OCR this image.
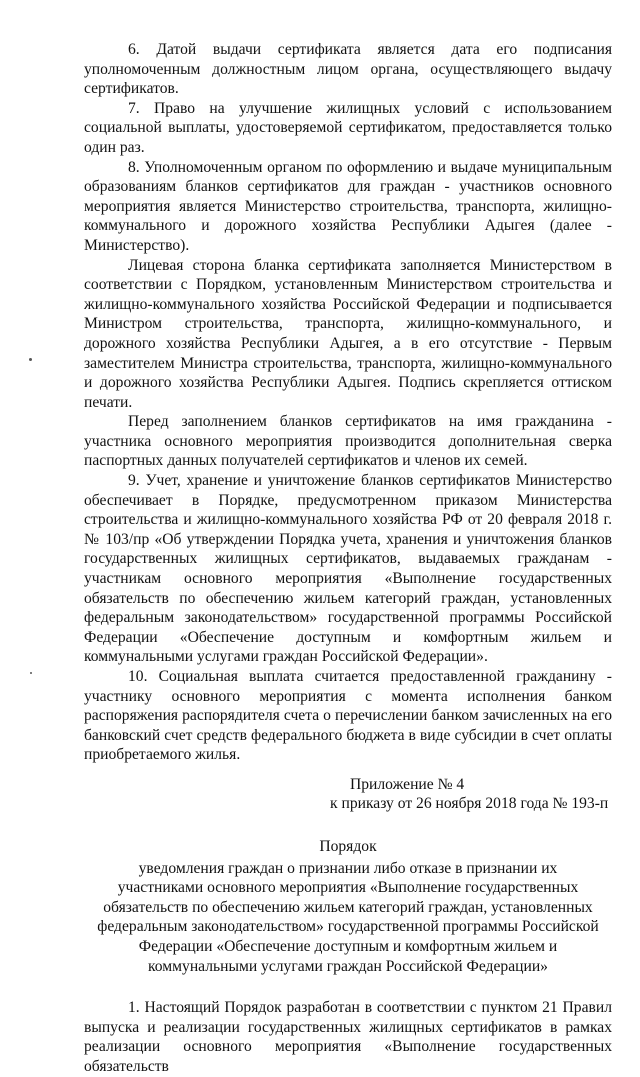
6. Датой выдачи сертификата является дата его подписания уполномоченным должностным лицом органа, осуществляющего выдачу сертификатов.

7. Право на улучшение жилищных условий с использованием социальной выплаты, удостоверяемой сертификатом, предоставляется только один раз.

8. Уполномоченным органом по оформлению и выдаче муниципальным образованиям бланков сертификатов для граждан - участников основного мероприятия является Министерство строительства, транспорта, жилищно-коммунального и дорожного хозяйства Республики Адыгея (далее - Министерство).

Лицевая сторона бланка сертификата заполняется Министерством в соответствии с Порядком, установленным Министерством строительства и жилищно-коммунального хозяйства Российской Федерации и подписывается Министром строительства, транспорта, жилищно-коммунального, и дорожного хозяйства Республики Адыгея, а в его отсутствие - Первым заместителем Министра строительства, транспорта, жилищно-коммунального и дорожного хозяйства Республики Адыгея. Подпись скрепляется оттиском печати.

Перед заполнением бланков сертификатов на имя гражданина - участника основного мероприятия производится дополнительная сверка паспортных данных получателей сертификатов и членов их семей.

9. Учет, хранение и уничтожение бланков сертификатов Министерство обеспечивает в Порядке, предусмотренном приказом Министерства строительства и жилищно-коммунального хозяйства РФ от 20 февраля 2018 г. № 103/пр «Об утверждении Порядка учета, хранения и уничтожения бланков государственных жилищных сертификатов, выдаваемых гражданам - участникам основного мероприятия «Выполнение государственных обязательств по обеспечению жильем категорий граждан, установленных федеральным законодательством» государственной программы Российской Федерации «Обеспечение доступным и комфортным жильем и коммунальными услугами граждан Российской Федерации».

10. Социальная выплата считается предоставленной гражданину - участнику основного мероприятия с момента исполнения банком распоряжения распорядителя счета о перечислении банком зачисленных на его банковский счет средств федерального бюджета в виде субсидии в счет оплаты приобретаемого жилья.

Приложение № 4
к приказу от 26 ноября 2018 года № 193-п
Порядок
уведомления граждан о признании либо отказе в признании их участниками основного мероприятия «Выполнение государственных обязательств по обеспечению жильем категорий граждан, установленных федеральным законодательством» государственной программы Российской Федерации «Обеспечение доступным и комфортным жильем и коммунальными услугами граждан Российской Федерации»

1. Настоящий Порядок разработан в соответствии с пунктом 21 Правил выпуска и реализации государственных жилищных сертификатов в рамках реализации основного мероприятия «Выполнение государственных обязательств
